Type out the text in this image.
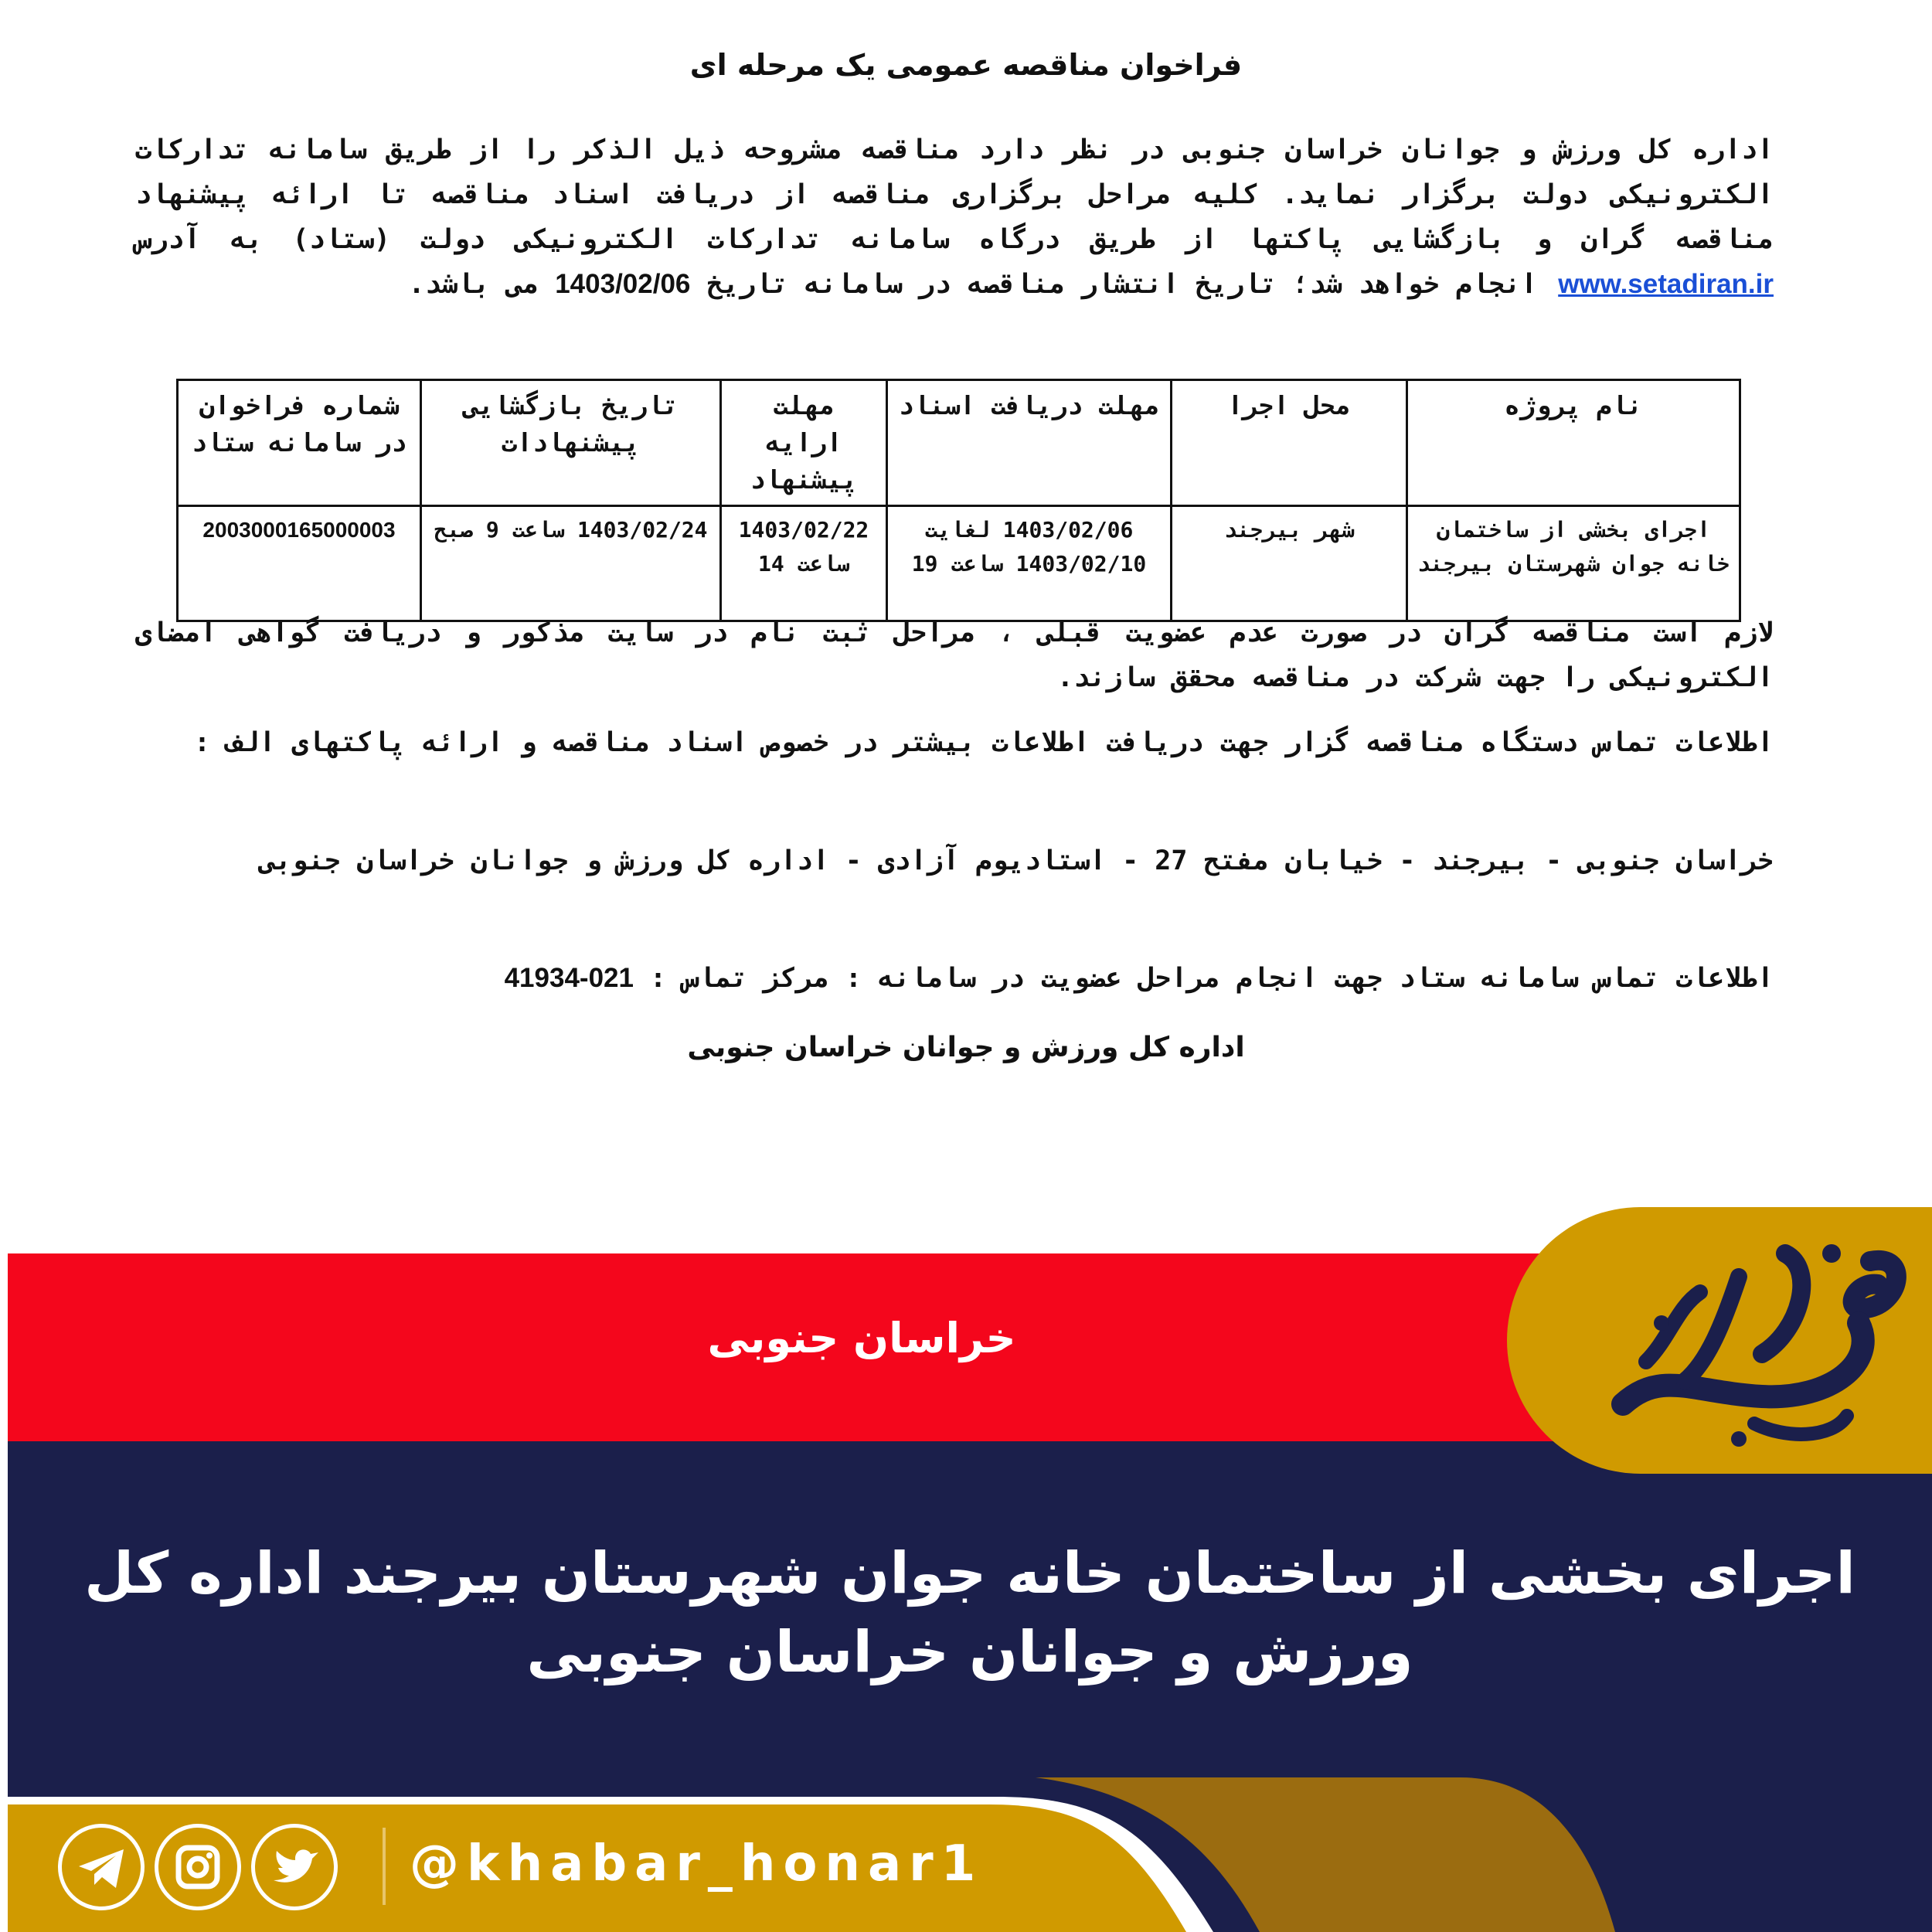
فراخوان مناقصه عمومی یک مرحله ای

اداره کل ورزش و جوانان خراسان جنوبی در نظر دارد مناقصه مشروحه ذیل الذکر را از طریق سامانه تدارکات الکترونیکی دولت برگزار نماید. کلیه مراحل برگزاری مناقصه از دریافت اسناد مناقصه تا ارائه پیشنهاد مناقصه گران و بازگشایی پاکتها از طریق درگاه سامانه تدارکات الکترونیکی دولت (ستاد) به آدرس www.setadiran.ir انجام خواهد شد؛ تاریخ انتشار مناقصه در سامانه تاریخ 1403/02/06 می باشد.

نام پروژه	محل اجرا	مهلت دریافت اسناد	مهلت ارایه پیشنهاد	تاریخ بازگشایی پیشنهادات	شماره فراخوان در سامانه ستاد
اجرای بخشی از ساختمان خانه جوان شهرستان بیرجند	شهر بیرجند	1403/02/06 لغایت 1403/02/10 ساعت 19	1403/02/22 ساعت 14	1403/02/24 ساعت 9 صبح	2003000165000003

لازم است مناقصه گران در صورت عدم عضویت قبلی ، مراحل ثبت نام در سایت مذکور و دریافت گواهی امضای الکترونیکی را جهت شرکت در مناقصه محقق سازند.

اطلاعات تماس دستگاه مناقصه گزار جهت دریافت اطلاعات بیشتر در خصوص اسناد مناقصه و ارائه پاکتهای الف :

خراسان جنوبی - بیرجند - خیابان مفتح 27 - استادیوم آزادی - اداره کل ورزش و جوانان خراسان جنوبی

اطلاعات تماس سامانه ستاد جهت انجام مراحل عضویت در سامانه : مرکز تماس : 021-41934

اداره کل ورزش و جوانان خراسان جنوبی
خراسان جنوبی
اجرای بخشی از ساختمان خانه جوان شهرستان بیرجند اداره کل ورزش و جوانان خراسان جنوبی
@khabar_honar1
